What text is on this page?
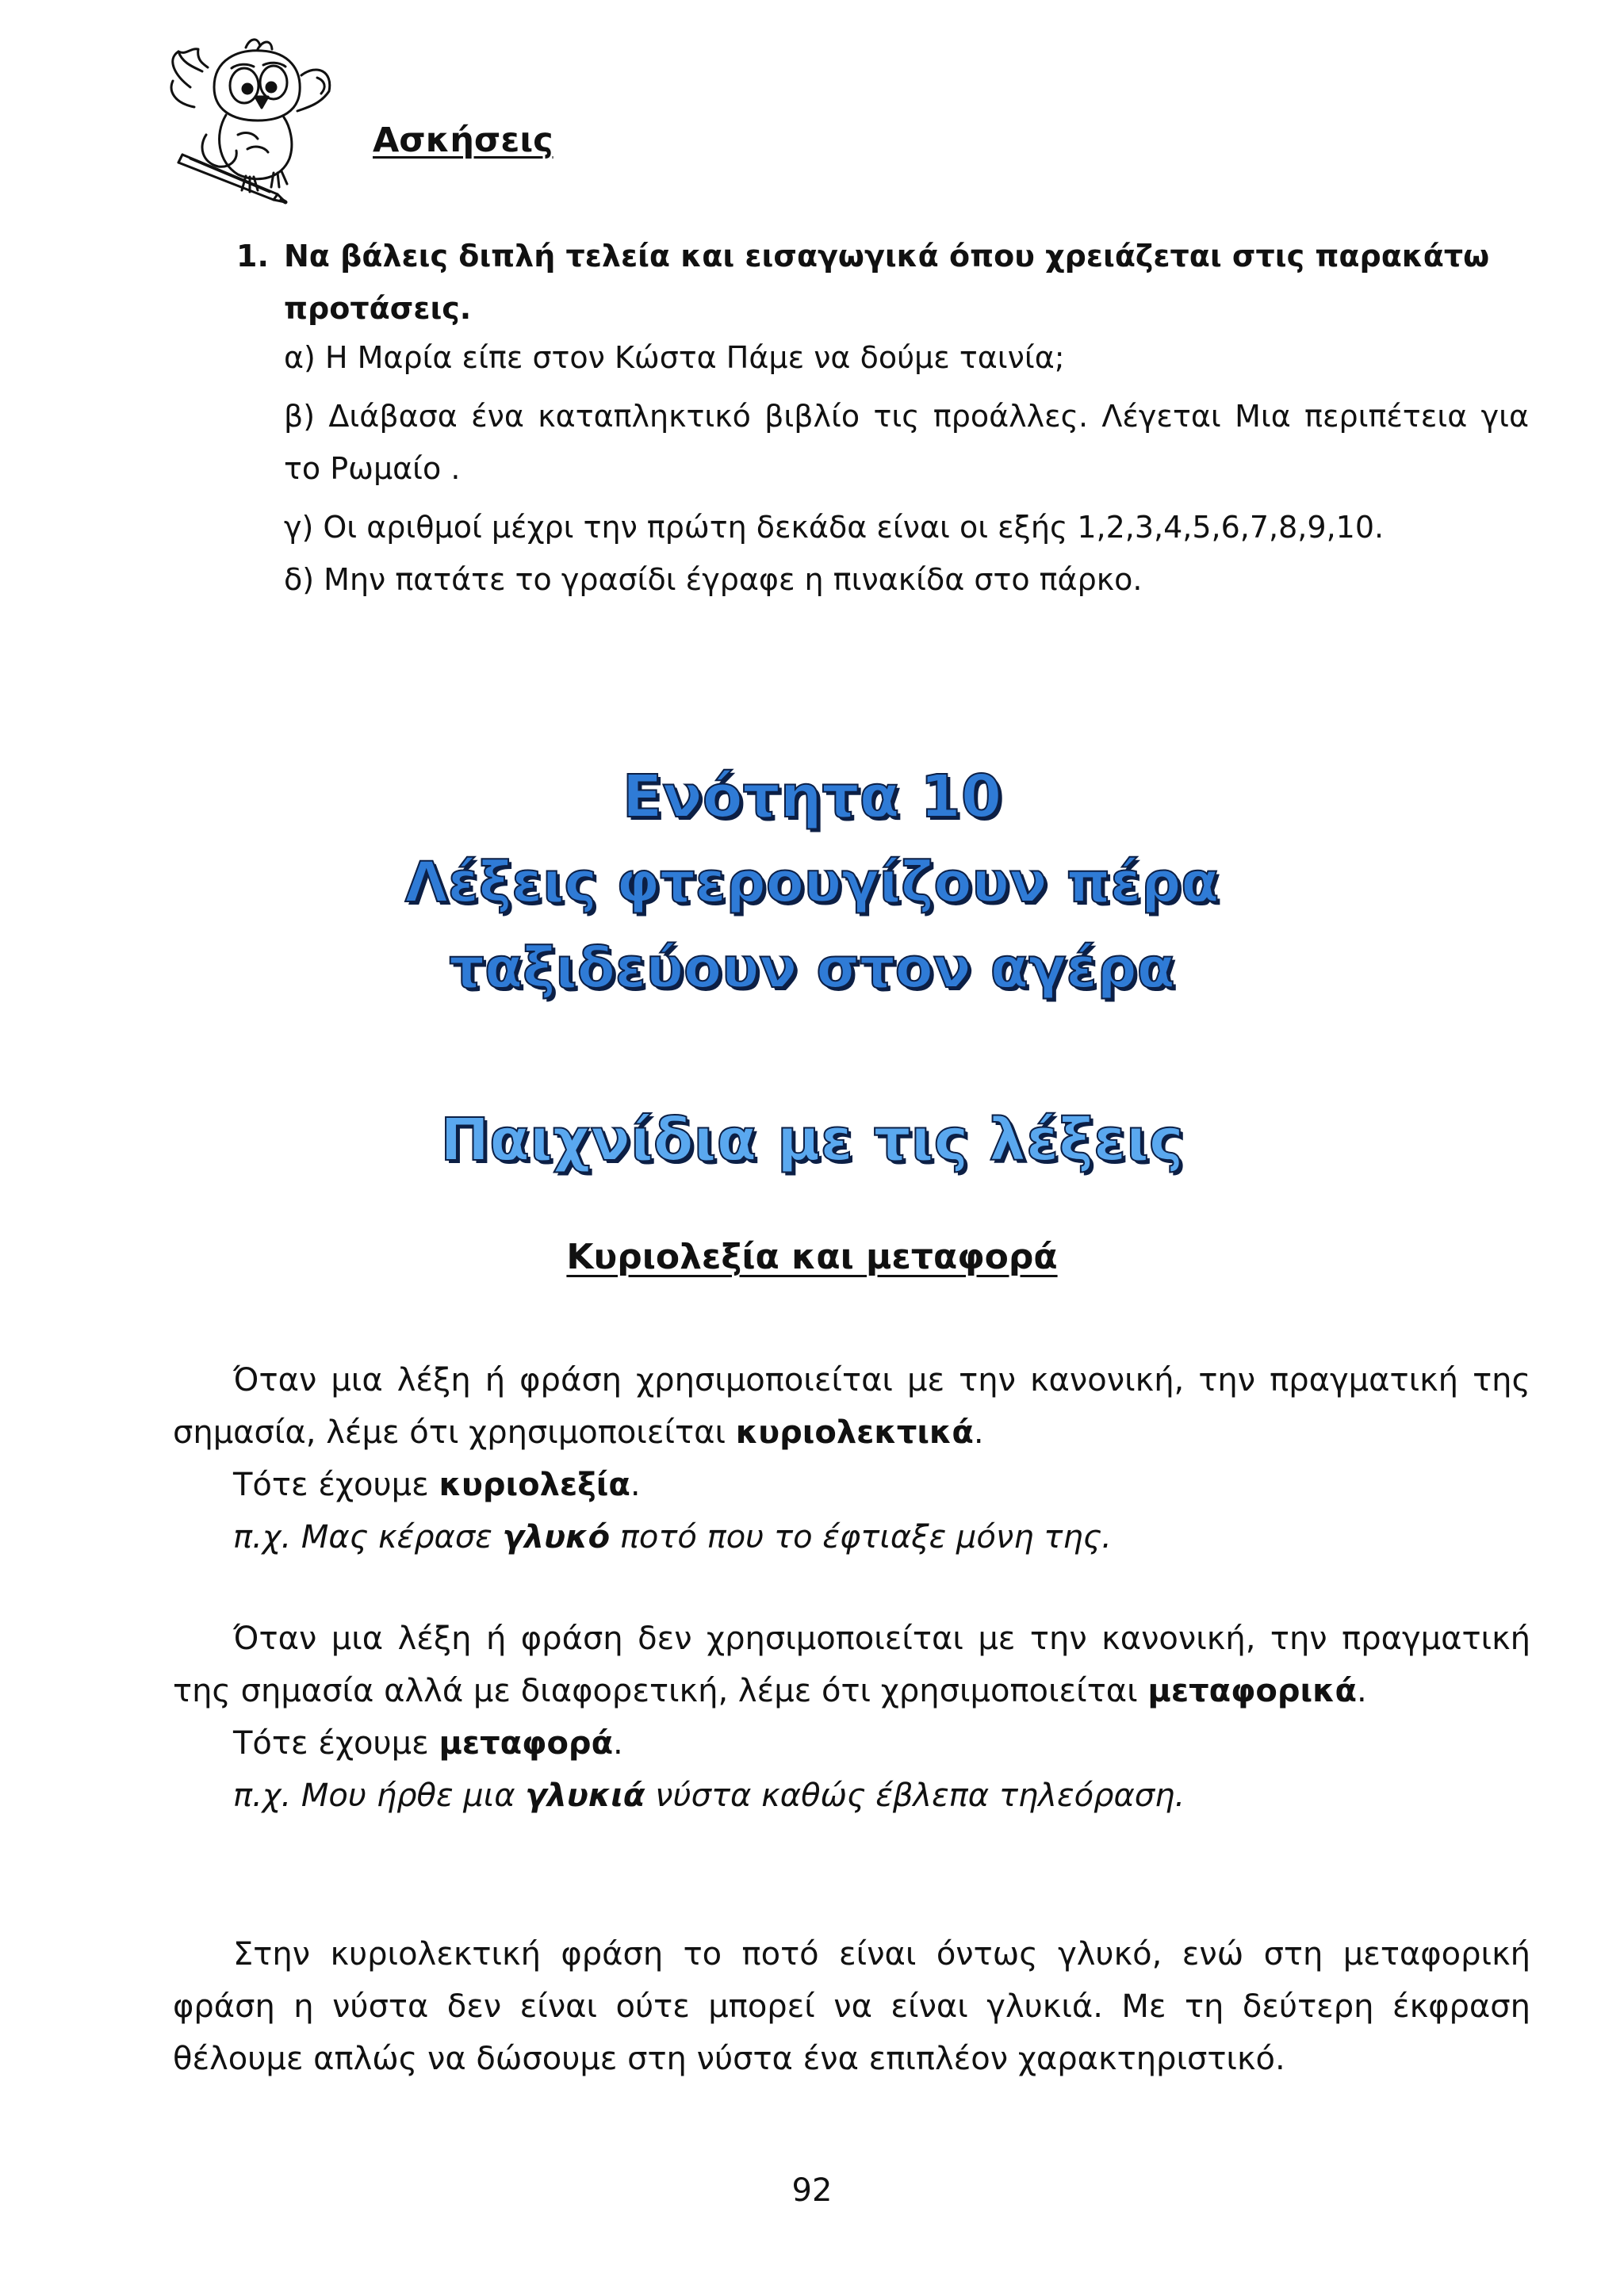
Ασκήσεις
1. Να βάλεις διπλή τελεία και εισαγωγικά όπου χρειάζεται στις παρακάτω προτάσεις.
α) Η Μαρία είπε στον Κώστα Πάμε να δούμε ταινία;
β) Διάβασα ένα καταπληκτικό βιβλίο τις προάλλες. Λέγεται Μια περιπέτεια για το Ρωμαίο .
γ) Οι αριθμοί μέχρι την πρώτη δεκάδα είναι οι εξής 1,2,3,4,5,6,7,8,9,10.
δ) Μην πατάτε το γρασίδι έγραφε η πινακίδα στο πάρκο.
Ενότητα 10
Λέξεις φτερουγίζουν πέρα
ταξιδεύουν στον αγέρα
Παιχνίδια με τις λέξεις
Κυριολεξία και μεταφορά

Όταν μια λέξη ή φράση χρησιμοποιείται με την κανονική, την πραγματική της σημασία, λέμε ότι χρησιμοποιείται κυριολεκτικά.

Τότε έχουμε κυριολεξία.
π.χ. Μας κέρασε γλυκό ποτό που το έφτιαξε μόνη της.

Όταν μια λέξη ή φράση δεν χρησιμοποιείται με την κανονική, την πραγματική της σημασία αλλά με διαφορετική, λέμε ότι χρησιμοποιείται μεταφορικά.

Τότε έχουμε μεταφορά.
π.χ. Μου ήρθε μια γλυκιά νύστα καθώς έβλεπα τηλεόραση.

Στην κυριολεκτική φράση το ποτό είναι όντως γλυκό, ενώ στη μεταφορική φράση η νύστα δεν είναι ούτε μπορεί να είναι γλυκιά. Με τη δεύτερη έκφραση θέλουμε απλώς να δώσουμε στη νύστα ένα επιπλέον χαρακτηριστικό.

92
